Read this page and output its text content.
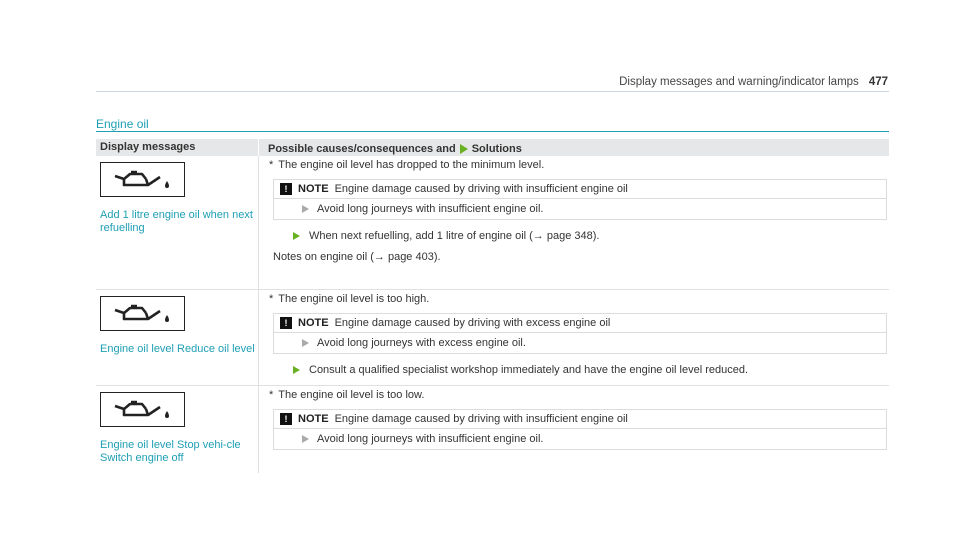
Display messages and warning/indicator lamps 477
Engine oil
Display messages	Possible causes/consequences and Solutions
Add 1 litre engine oil when next refuelling
* The engine oil level has dropped to the minimum level.
! NOTE Engine damage caused by driving with insufficient engine oil
Avoid long journeys with insufficient engine oil.
When next refuelling, add 1 litre of engine oil (→ page 348).
Notes on engine oil (→ page 403).
Engine oil level Reduce oil level
* The engine oil level is too high.
! NOTE Engine damage caused by driving with excess engine oil
Avoid long journeys with excess engine oil.
Consult a qualified specialist workshop immediately and have the engine oil level reduced.
Engine oil level Stop vehi-cle Switch engine off
* The engine oil level is too low.
! NOTE Engine damage caused by driving with insufficient engine oil
Avoid long journeys with insufficient engine oil.
